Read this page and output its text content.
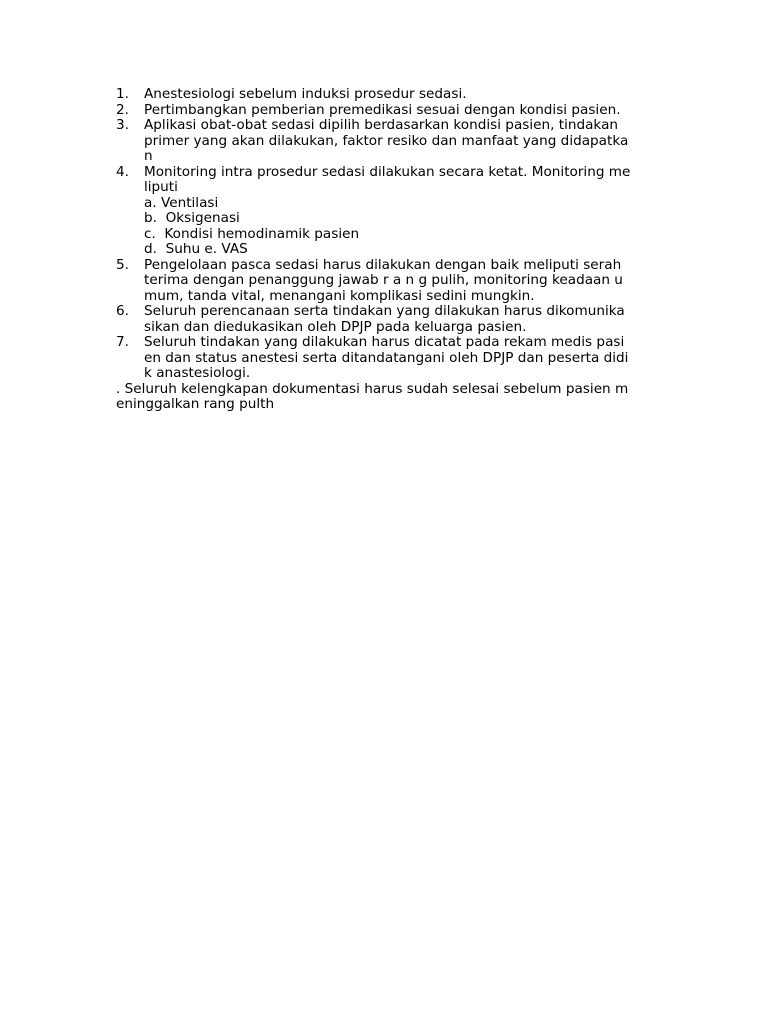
1.	Anestesiologi sebelum induksi prosedur sedasi.
2.	Pertimbangkan pemberian premedikasi sesuai dengan kondisi pasien.
3.	Aplikasi obat-obat sedasi dipilih berdasarkan kondisi pasien, tindakan
primer yang akan dilakukan, faktor resiko dan manfaat yang didapatka
n
4.	Monitoring intra prosedur sedasi dilakukan secara ketat. Monitoring me
liputi
a. Ventilasi
b.  Oksigenasi
c.  Kondisi hemodinamik pasien
d.  Suhu e. VAS
5.	Pengelolaan pasca sedasi harus dilakukan dengan baik meliputi serah
terima dengan penanggung jawab r a n g pulih, monitoring keadaan u
mum, tanda vital, menangani komplikasi sedini mungkin.
6.	Seluruh perencanaan serta tindakan yang dilakukan harus dikomunika
sikan dan diedukasikan oleh DPJP pada keluarga pasien.
7.	Seluruh tindakan yang dilakukan harus dicatat pada rekam medis pasi
en dan status anestesi serta ditandatangani oleh DPJP dan peserta didi
k anastesiologi.
. Seluruh kelengkapan dokumentasi harus sudah selesai sebelum pasien m
eninggalkan rang pulth
